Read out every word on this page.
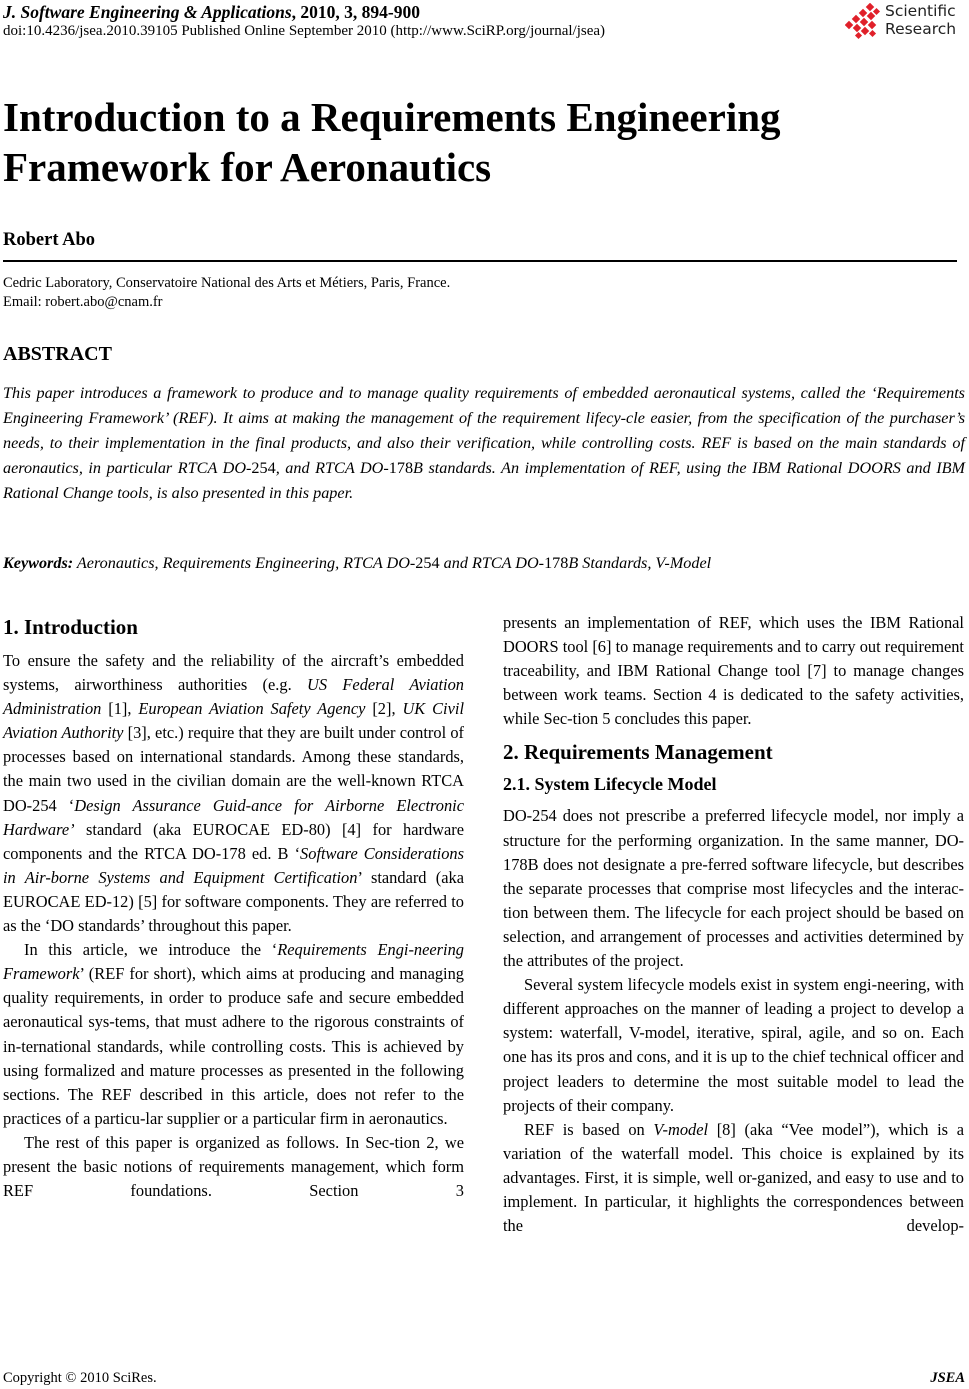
J. Software Engineering & Applications, 2010, 3, 894-900
doi:10.4236/jsea.2010.39105 Published Online September 2010 (http://www.SciRP.org/journal/jsea)
Scientific
Research
Introduction to a Requirements Engineering Framework for Aeronautics
Robert Abo
Cedric Laboratory, Conservatoire National des Arts et Métiers, Paris, France.
Email: robert.abo@cnam.fr
ABSTRACT
This paper introduces a framework to produce and to manage quality requirements of embedded aeronautical systems, called the ‘Requirements Engineering Framework’ (REF). It aims at making the management of the requirement lifecy-cle easier, from the specification of the purchaser’s needs, to their implementation in the final products, and also their verification, while controlling costs. REF is based on the main standards of aeronautics, in particular RTCA DO-254, and RTCA DO-178B standards. An implementation of REF, using the IBM Rational DOORS and IBM Rational Change tools, is also presented in this paper.
Keywords: Aeronautics, Requirements Engineering, RTCA DO-254 and RTCA DO-178B Standards, V-Model
1. Introduction

To ensure the safety and the reliability of the aircraft’s embedded systems, airworthiness authorities (e.g. US Federal Aviation Administration [1], European Aviation Safety Agency [2], UK Civil Aviation Authority [3], etc.) require that they are built under control of processes based on international standards. Among these standards, the main two used in the civilian domain are the well-known RTCA DO-254 ‘Design Assurance Guid-ance for Airborne Electronic Hardware’ standard (aka EUROCAE ED-80) [4] for hardware components and the RTCA DO-178 ed. B ‘Software Considerations in Air-borne Systems and Equipment Certification’ standard (aka EUROCAE ED-12) [5] for software components. They are referred to as the ‘DO standards’ throughout this paper.

In this article, we introduce the ‘Requirements Engi-neering Framework’ (REF for short), which aims at producing and managing quality requirements, in order to produce safe and secure embedded aeronautical sys-tems, that must adhere to the rigorous constraints of in-ternational standards, while controlling costs. This is achieved by using formalized and mature processes as presented in the following sections. The REF described in this article, does not refer to the practices of a particu-lar supplier or a particular firm in aeronautics.

The rest of this paper is organized as follows. In Sec-tion 2, we present the basic notions of requirements management, which form REF foundations. Section 3

presents an implementation of REF, which uses the IBM Rational DOORS tool [6] to manage requirements and to carry out requirement traceability, and IBM Rational Change tool [7] to manage changes between work teams. Section 4 is dedicated to the safety activities, while Sec-tion 5 concludes this paper.

2. Requirements Management
2.1. System Lifecycle Model

DO-254 does not prescribe a preferred lifecycle model, nor imply a structure for the performing organization. In the same manner, DO-178B does not designate a pre-ferred software lifecycle, but describes the separate processes that comprise most lifecycles and the interac-tion between them. The lifecycle for each project should be based on selection, and arrangement of processes and activities determined by the attributes of the project.

Several system lifecycle models exist in system engi-neering, with different approaches on the manner of leading a project to develop a system: waterfall, V-model, iterative, spiral, agile, and so on. Each one has its pros and cons, and it is up to the chief technical officer and project leaders to determine the most suitable model to lead the projects of their company.

REF is based on V-model [8] (aka “Vee model”), which is a variation of the waterfall model. This choice is explained by its advantages. First, it is simple, well or-ganized, and easy to use and to implement. In particular, it highlights the correspondences between the develop-

Copyright © 2010 SciRes.	JSEA
